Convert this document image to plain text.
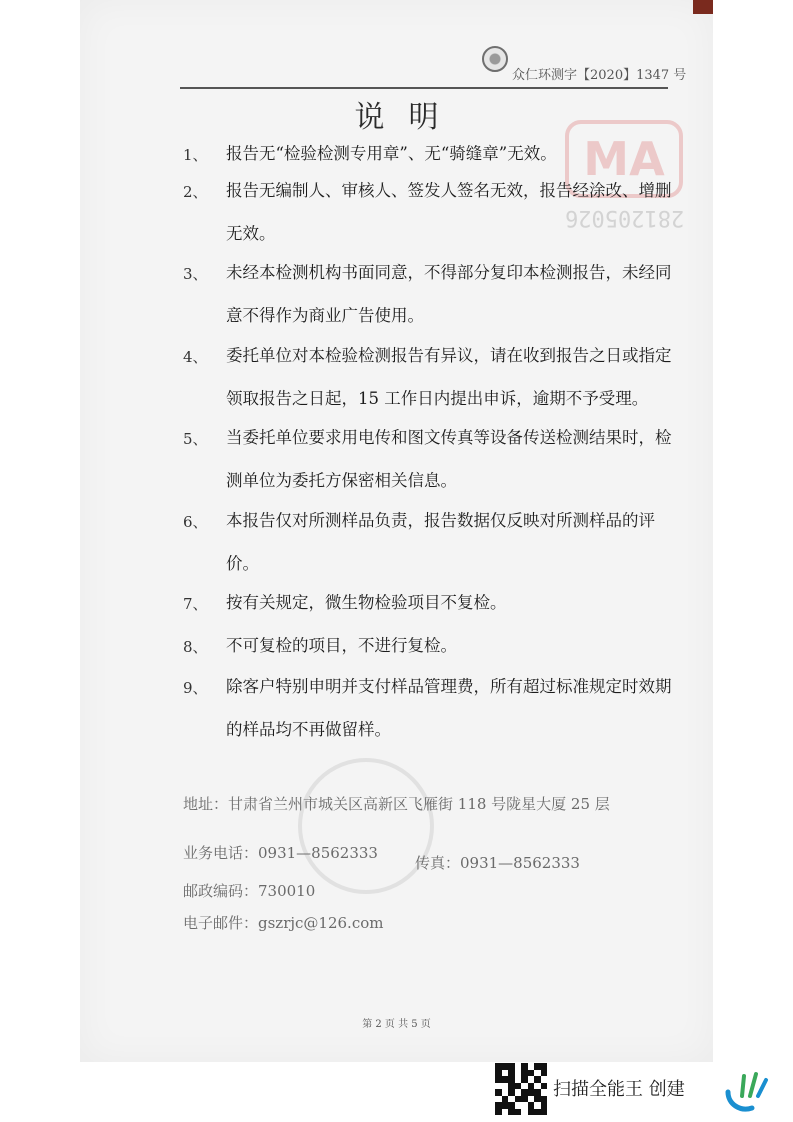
众仁环测字【2020】1347 号
MA
281205026
说明
1、 报告无“检验检测专用章”、无“骑缝章”无效。
2、 报告无编制人、审核人、签发人签名无效，报告经涂改、增删
无效。
3、 未经本检测机构书面同意，不得部分复印本检测报告，未经同
意不得作为商业广告使用。
4、 委托单位对本检验检测报告有异议，请在收到报告之日或指定
领取报告之日起，15 工作日内提出申诉，逾期不予受理。
5、 当委托单位要求用电传和图文传真等设备传送检测结果时，检
测单位为委托方保密相关信息。
6、 本报告仅对所测样品负责，报告数据仅反映对所测样品的评
价。
7、 按有关规定，微生物检验项目不复检。
8、 不可复检的项目，不进行复检。
9、 除客户特别申明并支付样品管理费，所有超过标准规定时效期
的样品均不再做留样。
地址：甘肃省兰州市城关区高新区飞雁街 118 号陇星大厦 25 层
业务电话：0931—8562333
传真：0931—8562333
邮政编码：730010
电子邮件：gszrjc@126.com
第 2 页 共 5 页
扫描全能王 创建
